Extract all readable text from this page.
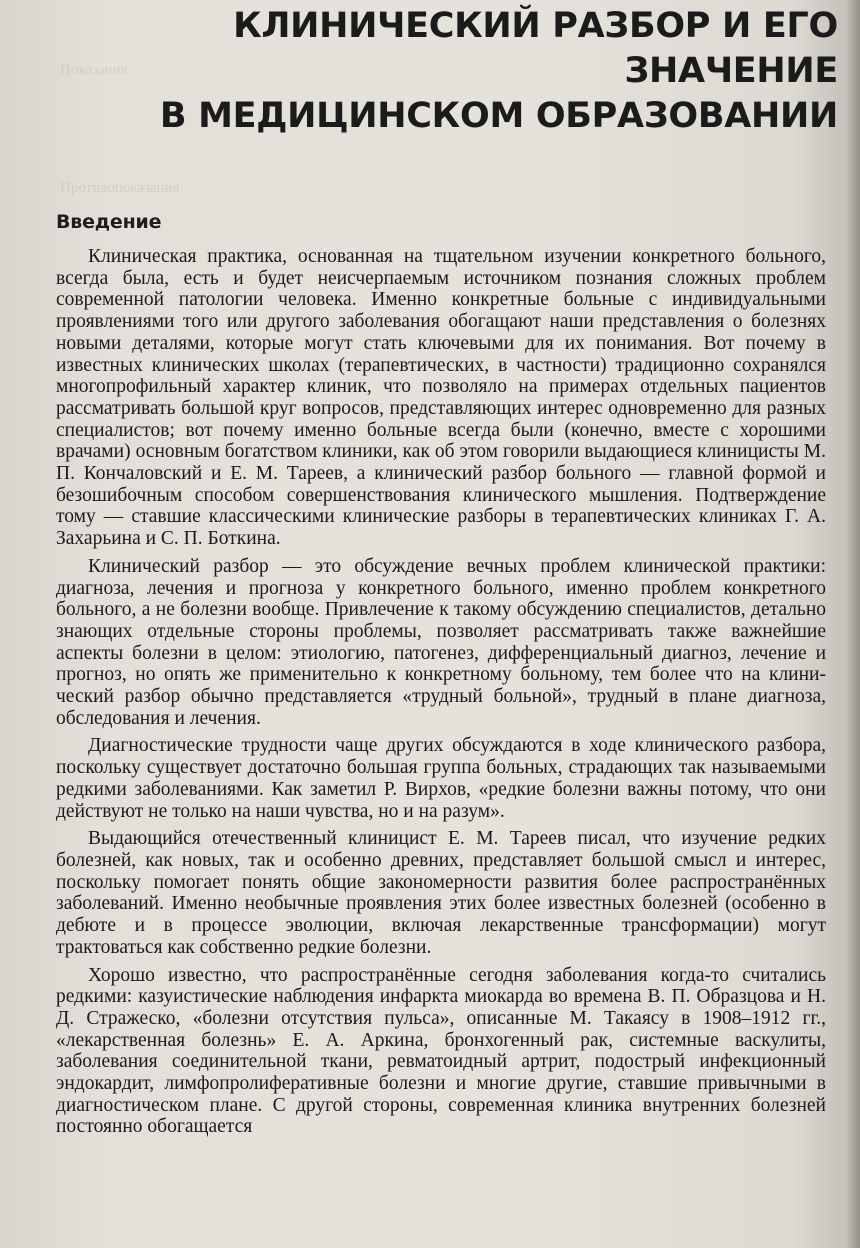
Показания
Противопоказания
КЛИНИЧЕСКИЙ РАЗБОР И ЕГО ЗНАЧЕНИЕ
В МЕДИЦИНСКОМ ОБРАЗОВАНИИ
Введение

Клиническая практика, основанная на тщательном изучении конкретного больного, всегда была, есть и будет неисчерпаемым источником познания сложных проблем современной патологии человека. Именно конкретные больные с индивидуальными проявлениями того или другого заболевания обогащают наши представления о болезнях новыми деталями, которые могут стать ключевыми для их понимания. Вот почему в известных клинических школах (терапевтических, в частности) традиционно сохранялся многопрофильный характер клиник, что позволяло на примерах отдельных пациентов рассматривать большой круг вопросов, представляющих интерес одновременно для разных специалистов; вот почему именно больные всегда были (конечно, вместе с хорошими врачами) основным богатством клиники, как об этом говорили выдающиеся клиницисты М. П. Кончаловский и Е. М. Тареев, а клинический разбор больного — главной формой и безошибочным способом совершенствования клинического мышления. Подтверждение тому — ставшие классическими клинические разборы в терапевтических клиниках Г. А. Захарьина и С. П. Боткина.

Клинический разбор — это обсуждение вечных проблем клинической практики: диагноза, лечения и прогноза у конкретного больного, именно проблем конкретного больного, а не болезни вообще. Привлечение к такому обсуждению специалистов, детально знающих отдельные стороны проблемы, позволяет рассматривать также важнейшие аспекты болезни в целом: этиологию, патогенез, дифференциальный диагноз, лечение и прогноз, но опять же применительно к конкретному больному, тем более что на клинический разбор обычно представляется «трудный больной», трудный в плане диагноза, обследования и лечения.

Диагностические трудности чаще других обсуждаются в ходе клинического разбора, поскольку существует достаточно большая группа больных, страдающих так называемыми редкими заболеваниями. Как заметил Р. Вирхов, «редкие болезни важны потому, что они действуют не только на наши чувства, но и на разум».

Выдающийся отечественный клиницист Е. М. Тареев писал, что изучение редких болезней, как новых, так и особенно древних, представляет большой смысл и интерес, поскольку помогает понять общие закономерности развития более распространённых заболеваний. Именно необычные проявления этих более известных болезней (особенно в дебюте и в процессе эволюции, включая лекарственные трансформации) могут трактоваться как собственно редкие болезни.

Хорошо известно, что распространённые сегодня заболевания когда-то считались редкими: казуистические наблюдения инфаркта миокарда во времена В. П. Образцова и Н. Д. Стражеско, «болезни отсутствия пульса», описанные М. Такаясу в 1908–1912 гг., «лекарственная болезнь» Е. А. Аркина, бронхогенный рак, системные васкулиты, заболевания соединительной ткани, ревматоидный артрит, подострый инфекционный эндокардит, лимфопролиферативные болезни и многие другие, ставшие привычными в диагностическом плане. С другой стороны, современная клиника внутренних болезней постоянно обогащается
